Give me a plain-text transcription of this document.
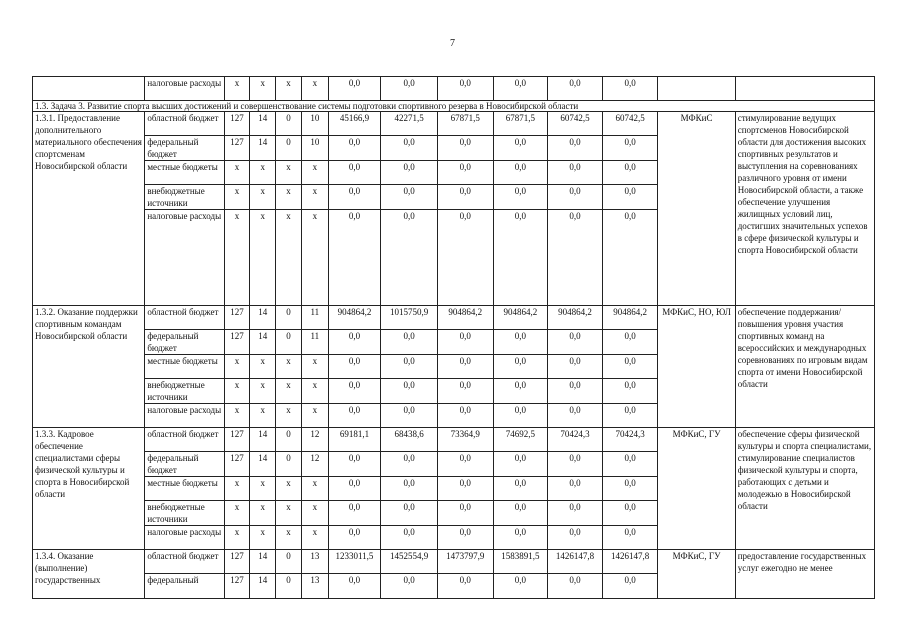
7
	налоговые расходы	x	x	x	x	0,0	0,0	0,0	0,0	0,0	0,0		
1.3. Задача 3. Развитие спорта высших достижений и совершенствование системы подготовки спортивного резерва в Новосибирской области													
1.3.1. Предоставление дополнительного материального обеспечения спортсменам Новосибирской области	областной бюджет	127	14	0	10	45166,9	42271,5	67871,5	67871,5	60742,5	60742,5	МФКиС	стимулирование ведущих спортсменов Новосибирской области для достижения высоких спортивных результатов и выступления на соревнованиях различного уровня от имени Новосибирской области, а также обеспечение улучшения жилищных условий лиц, достигших значительных успехов в сфере физической культуры и спорта Новосибирской области
	федеральный бюджет	127	14	0	10	0,0	0,0	0,0	0,0	0,0	0,0		
	местные бюджеты	x	x	x	x	0,0	0,0	0,0	0,0	0,0	0,0		
	внебюджетные источники	x	x	x	x	0,0	0,0	0,0	0,0	0,0	0,0		
	налоговые расходы	x	x	x	x	0,0	0,0	0,0	0,0	0,0	0,0		
1.3.2. Оказание поддержки спортивным командам Новосибирской области	областной бюджет	127	14	0	11	904864,2	1015750,9	904864,2	904864,2	904864,2	904864,2	МФКиС, НО, ЮЛ	обеспечение поддержания/повышения уровня участия спортивных команд на всероссийских и международных соревнованиях по игровым видам спорта от имени Новосибирской области
	федеральный бюджет	127	14	0	11	0,0	0,0	0,0	0,0	0,0	0,0		
	местные бюджеты	x	x	x	x	0,0	0,0	0,0	0,0	0,0	0,0		
	внебюджетные источники	x	x	x	x	0,0	0,0	0,0	0,0	0,0	0,0		
	налоговые расходы	x	x	x	x	0,0	0,0	0,0	0,0	0,0	0,0		
1.3.3. Кадровое обеспечение специалистами сферы физической культуры и спорта в Новосибирской области	областной бюджет	127	14	0	12	69181,1	68438,6	73364,9	74692,5	70424,3	70424,3	МФКиС, ГУ	обеспечение сферы физической культуры и спорта специалистами, стимулирование специалистов физической культуры и спорта, работающих с детьми и молодежью в Новосибирской области
	федеральный бюджет	127	14	0	12	0,0	0,0	0,0	0,0	0,0	0,0		
	местные бюджеты	x	x	x	x	0,0	0,0	0,0	0,0	0,0	0,0		
	внебюджетные источники	x	x	x	x	0,0	0,0	0,0	0,0	0,0	0,0		
	налоговые расходы	x	x	x	x	0,0	0,0	0,0	0,0	0,0	0,0		
1.3.4. Оказание (выполнение) государственных	областной бюджет	127	14	0	13	1233011,5	1452554,9	1473797,9	1583891,5	1426147,8	1426147,8	МФКиС, ГУ	предоставление государственных услуг ежегодно не менее
	федеральный	127	14	0	13	0,0	0,0	0,0	0,0	0,0	0,0		
